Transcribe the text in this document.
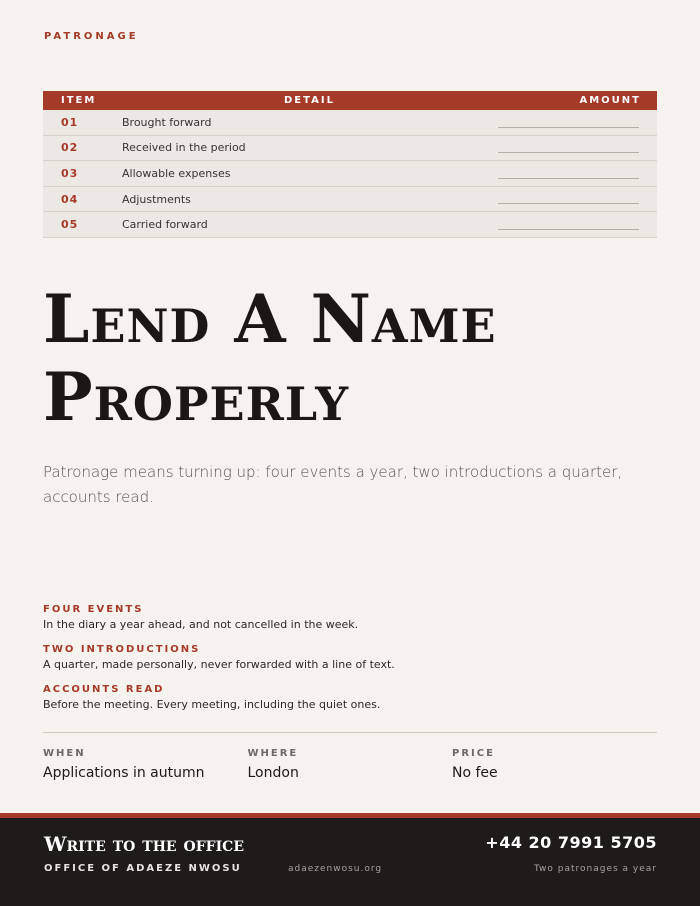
PATRONAGE
ITEM	DETAIL	AMOUNT
01	Brought forward
02	Received in the period
03	Allowable expenses
04	Adjustments
05	Carried forward
Lend A Name
Properly

Patronage means turning up: four events a year, two introductions a quarter, accounts read.

FOUR EVENTS
In the diary a year ahead, and not cancelled in the week.
TWO INTRODUCTIONS
A quarter, made personally, never forwarded with a line of text.
ACCOUNTS READ
Before the meeting. Every meeting, including the quiet ones.
WHEN
Applications in autumn
WHERE
London
PRICE
No fee
Write to the office
OFFICE OF ADAEZE NWOSU	adaezenwosu.org
+44 20 7991 5705
Two patronages a year
